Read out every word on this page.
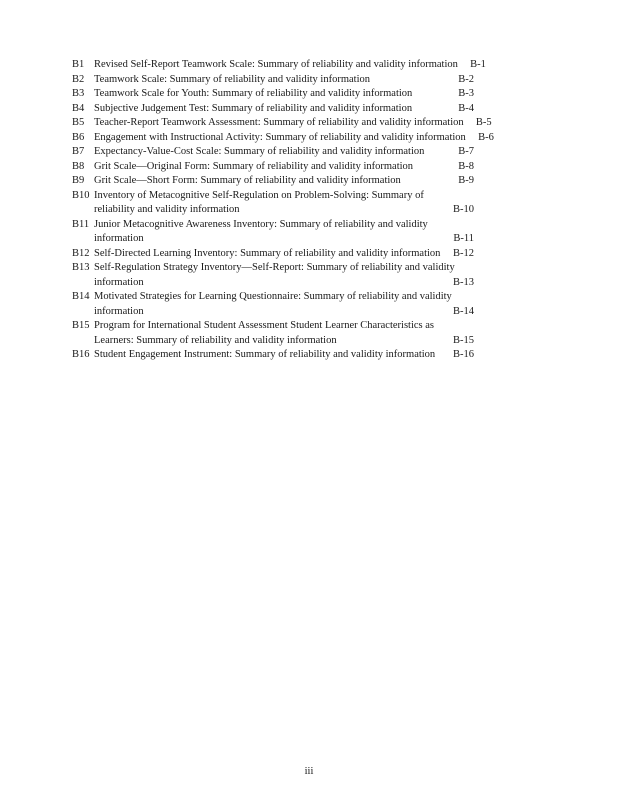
B1 Revised Self-Report Teamwork Scale: Summary of reliability and validity information	B-1
B2 Teamwork Scale: Summary of reliability and validity information	B-2
B3 Teamwork Scale for Youth: Summary of reliability and validity information	B-3
B4 Subjective Judgement Test: Summary of reliability and validity information	B-4
B5 Teacher-Report Teamwork Assessment: Summary of reliability and validity information	B-5
B6 Engagement with Instructional Activity: Summary of reliability and validity information	B-6
B7 Expectancy-Value-Cost Scale: Summary of reliability and validity information	B-7
B8 Grit Scale—Original Form: Summary of reliability and validity information	B-8
B9 Grit Scale—Short Form: Summary of reliability and validity information	B-9
B10 Inventory of Metacognitive Self-Regulation on Problem-Solving: Summary of
reliability and validity information	B-10
B11 Junior Metacognitive Awareness Inventory: Summary of reliability and validity
information	B-11
B12 Self-Directed Learning Inventory: Summary of reliability and validity information	B-12
B13 Self-Regulation Strategy Inventory—Self-Report: Summary of reliability and validity
information	B-13
B14 Motivated Strategies for Learning Questionnaire: Summary of reliability and validity
information	B-14
B15 Program for International Student Assessment Student Learner Characteristics as
Learners: Summary of reliability and validity information	B-15
B16 Student Engagement Instrument: Summary of reliability and validity information	B-16
iii
